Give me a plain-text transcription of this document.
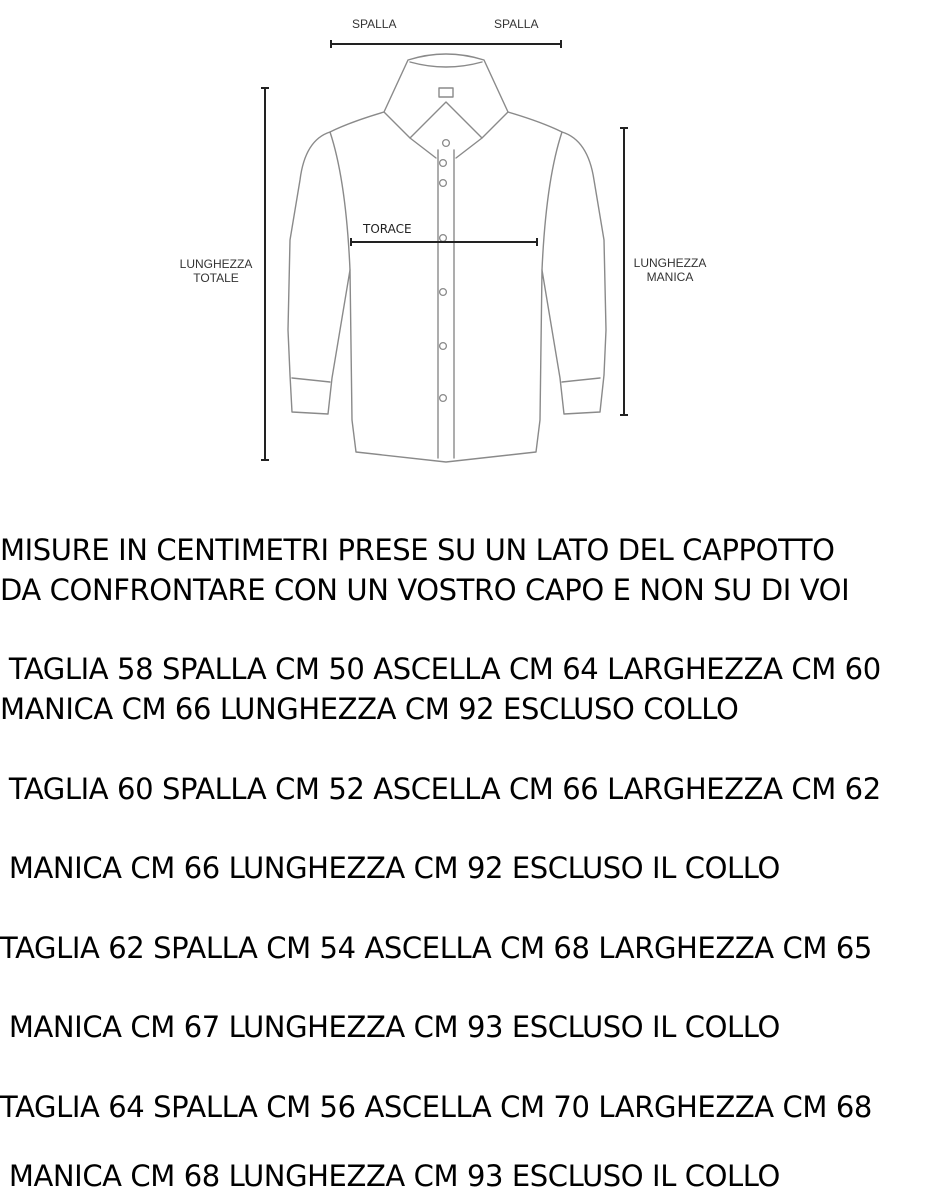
SPALLA	SPALLA
TORACE
LUNGHEZZA
TOTALE
LUNGHEZZA
MANICA
MISURE IN CENTIMETRI PRESE SU UN LATO DEL CAPPOTTO
DA CONFRONTARE CON UN VOSTRO CAPO E NON SU DI VOI
TAGLIA 58 SPALLA CM 50 ASCELLA CM 64 LARGHEZZA CM 60
MANICA CM 66 LUNGHEZZA CM 92 ESCLUSO COLLO
TAGLIA 60 SPALLA CM 52 ASCELLA CM 66 LARGHEZZA CM 62
MANICA CM 66 LUNGHEZZA CM 92 ESCLUSO IL COLLO
TAGLIA 62 SPALLA CM 54 ASCELLA CM 68 LARGHEZZA CM 65
MANICA CM 67 LUNGHEZZA CM 93 ESCLUSO IL COLLO
TAGLIA 64 SPALLA CM 56 ASCELLA CM 70 LARGHEZZA CM 68
MANICA CM 68 LUNGHEZZA CM 93 ESCLUSO IL COLLO
